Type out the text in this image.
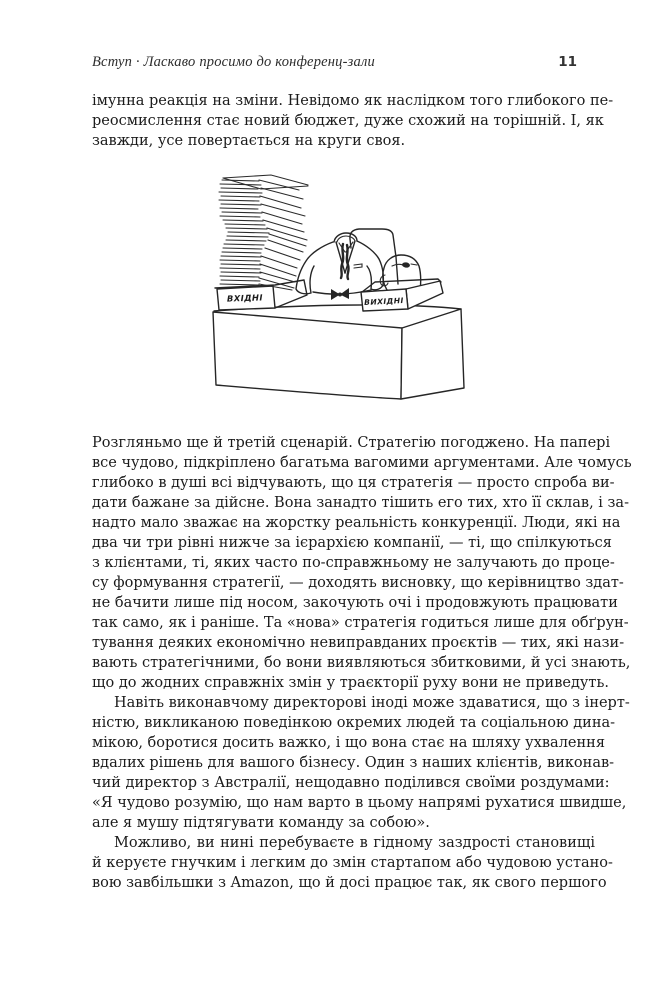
Вступ · Ласкаво просимо до конференц-зали	11
імунна реакція на зміни. Невідомо як наслідком того глибокого пе-
реосмислення стає новий бюджет, дуже схожий на торішній. І, як
завжди, усе повертається на круги своя.
ВИХІДНІ
ВХІДНІ
Розгляньмо ще й третій сценарій. Стратегію погоджено. На папері
все чудово, підкріплено багатьма вагомими аргументами. Але чомусь
глибоко в душі всі відчувають, що ця стратегія — просто спроба ви-
дати бажане за дійсне. Вона занадто тішить его тих, хто її склав, і за-
надто мало зважає на жорстку реальність конкуренції. Люди, які на
два чи три рівні нижче за ієрархією компанії, — ті, що спілкуються
з клієнтами, ті, яких часто по-справжньому не залучають до проце-
су формування стратегії, — доходять висновку, що керівництво здат-
не бачити лише під носом, закочують очі і продовжують працювати
так само, як і раніше. Та «нова» стратегія годиться лише для обґрун-
тування деяких економічно невиправданих проєктів — тих, які нази-
вають стратегічними, бо вони виявляються збитковими, й усі знають,
що до жодних справжніх змін у траєкторії руху вони не приведуть.
Навіть виконавчому директорові іноді може здаватися, що з інерт-
ністю, викликаною поведінкою окремих людей та соціальною дина-
мікою, боротися досить важко, і що вона стає на шляху ухвалення
вдалих рішень для вашого бізнесу. Один з наших клієнтів, виконав-
чий директор з Австралії, нещодавно поділився своїми роздумами:
«Я чудово розумію, що нам варто в цьому напрямі рухатися швидше,
але я мушу підтягувати команду за собою».
Можливо, ви нині перебуваєте в гідному заздрості становищі
й керуєте гнучким і легким до змін стартапом або чудовою устано-
вою завбільшки з Amazon, що й досі працює так, як свого першого
